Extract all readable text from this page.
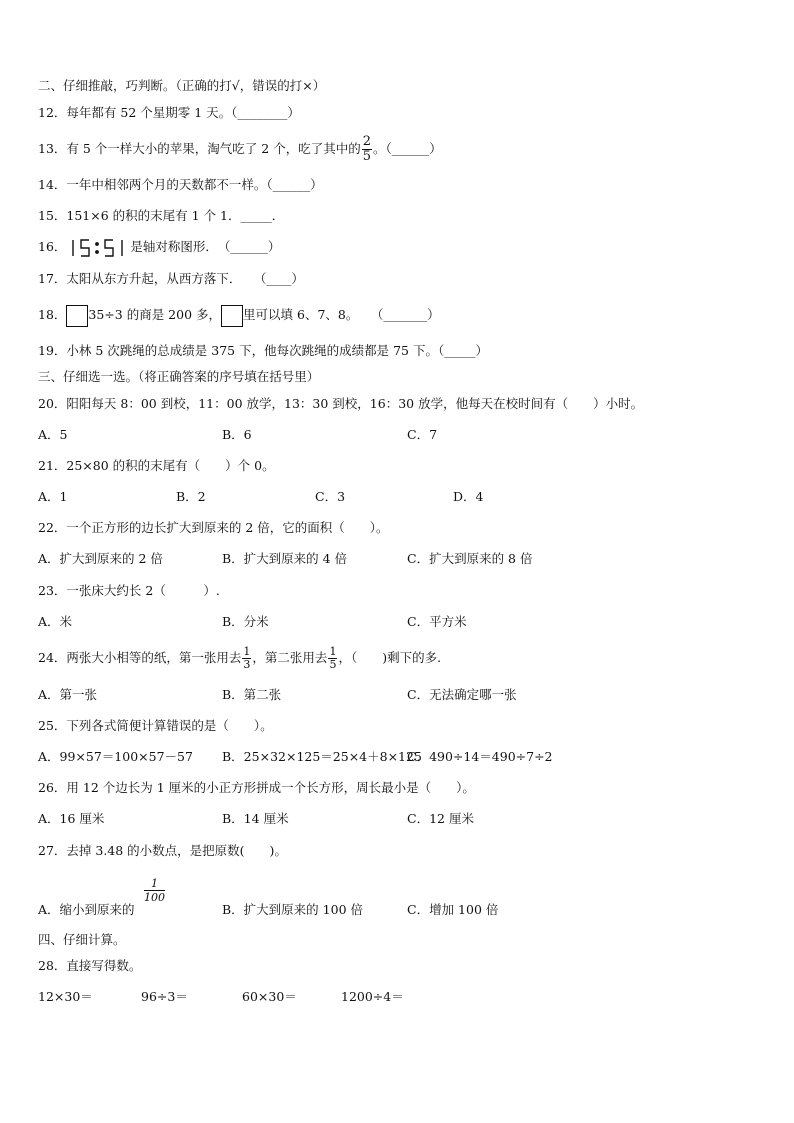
二、仔细推敲，巧判断。（正确的打√，错误的打×）
12．每年都有 52 个星期零 1 天。（________）
13．有 5 个一样大小的苹果，淘气吃了 2 个，吃了其中的 $\frac{2}{5}$ 。（______）
14．一年中相邻两个月的天数都不一样。（______）
15．151×6 的积的末尾有 1 个 1．_____．
16．	是轴对称图形．　（______）
17．太阳从东方升起，从西方落下．　　（____）
18． 35÷3 的商是 200 多， 里可以填 6、7、8。　　（_______）
19．小林 5 次跳绳的总成绩是 375 下，他每次跳绳的成绩都是 75 下。（_____）
三、仔细选一选。（将正确答案的序号填在括号里）
20．阳阳每天 8：00 到校，11：00 放学，13：30 到校，16：30 放学，他每天在校时间有（　　）小时。
A．5	B．6	C．7
21．25×80 的积的末尾有（　　）个 0。
A．1	B．2	C．3	D．4
22．一个正方形的边长扩大到原来的 2 倍，它的面积（　　）。
A．扩大到原来的 2 倍	B．扩大到原来的 4 倍	C．扩大到原来的 8 倍
23．一张床大约长 2（　　　）.
A．米	B．分米	C．平方米
24．两张大小相等的纸，第一张用去 $\frac{1}{3}$ ，第二张用去 $\frac{1}{5}$ ，（　　)剩下的多.
A．第一张	B．第二张	C．无法确定哪一张
25．下列各式简便计算错误的是（　　）。
A．99×57＝100×57－57 B．25×32×125＝25×4＋8×125
C．490÷14＝490÷7÷2
26．用 12 个边长为 1 厘米的小正方形拼成一个长方形，周长最小是（　　）。
A．16 厘米	B．14 厘米	C．12 厘米
27．去掉 3.48 的小数点，是把原数(　　)。
$\frac{1}{100}$
A．缩小到原来的	B．扩大到原来的 100 倍	C．增加 100 倍
四、仔细计算。
28．直接写得数。
12×30＝	96÷3＝	60×30＝	1200÷4＝
